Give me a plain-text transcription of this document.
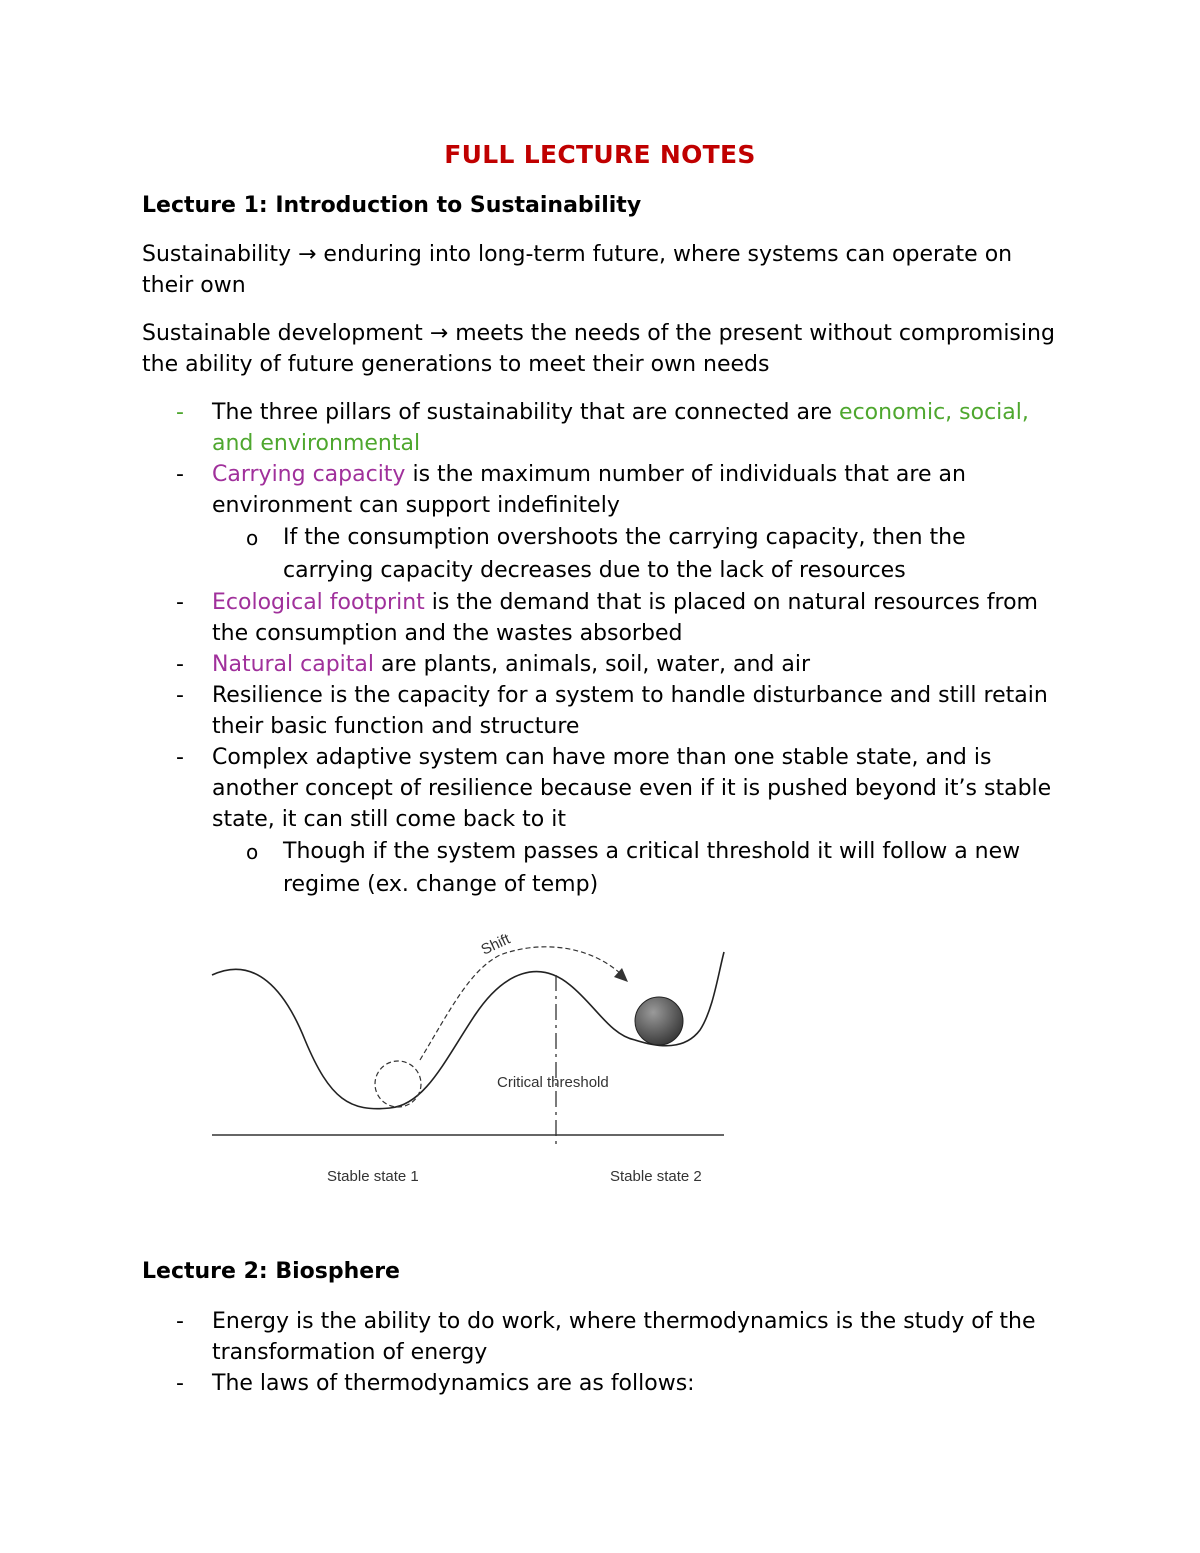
FULL LECTURE NOTES
Lecture 1: Introduction to Sustainability
Sustainability → enduring into long-term future, where systems can operate on their own
Sustainable development → meets the needs of the present without compromising the ability of future generations to meet their own needs
- The three pillars of sustainability that are connected are economic, social, and environmental
- Carrying capacity is the maximum number of individuals that are an environment can support indefinitely
o If the consumption overshoots the carrying capacity, then the carrying capacity decreases due to the lack of resources
- Ecological footprint is the demand that is placed on natural resources from the consumption and the wastes absorbed
- Natural capital are plants, animals, soil, water, and air
- Resilience is the capacity for a system to handle disturbance and still retain their basic function and structure
- Complex adaptive system can have more than one stable state, and is another concept of resilience because even if it is pushed beyond it’s stable state, it can still come back to it
o Though if the system passes a critical threshold it will follow a new regime (ex. change of temp)
Shift
Critical threshold
Stable state 1	Stable state 2
Lecture 2: Biosphere
- Energy is the ability to do work, where thermodynamics is the study of the transformation of energy
- The laws of thermodynamics are as follows:
